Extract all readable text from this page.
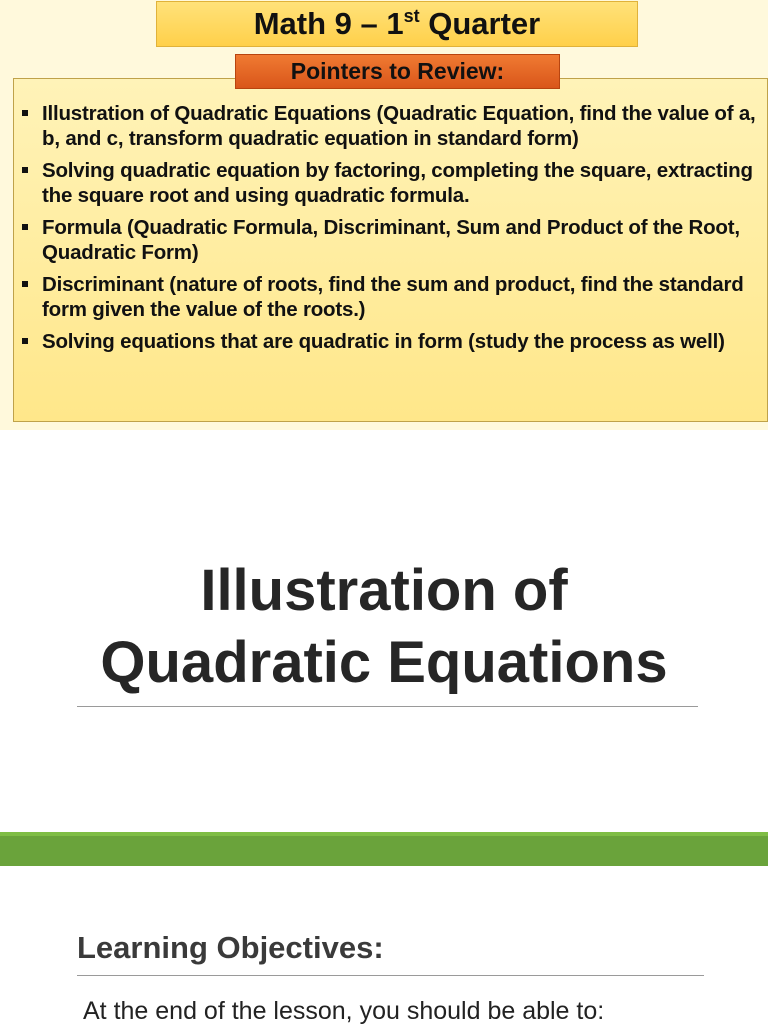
Illustration of Quadratic Equations (Quadratic Equation, find the value of a, b, and c, transform quadratic equation in standard form)
Solving quadratic equation by factoring, completing the square, extracting the square root and using quadratic formula.
Formula (Quadratic Formula, Discriminant, Sum and Product of the Root, Quadratic Form)
Discriminant (nature of roots, find the sum and product, find the standard form given the value of the roots.)
Solving equations that are quadratic in form (study the process as well)
Math 9 – 1st Quarter
Pointers to Review:
Illustration of
Quadratic Equations
Learning Objectives:

At the end of the lesson, you should be able to:
